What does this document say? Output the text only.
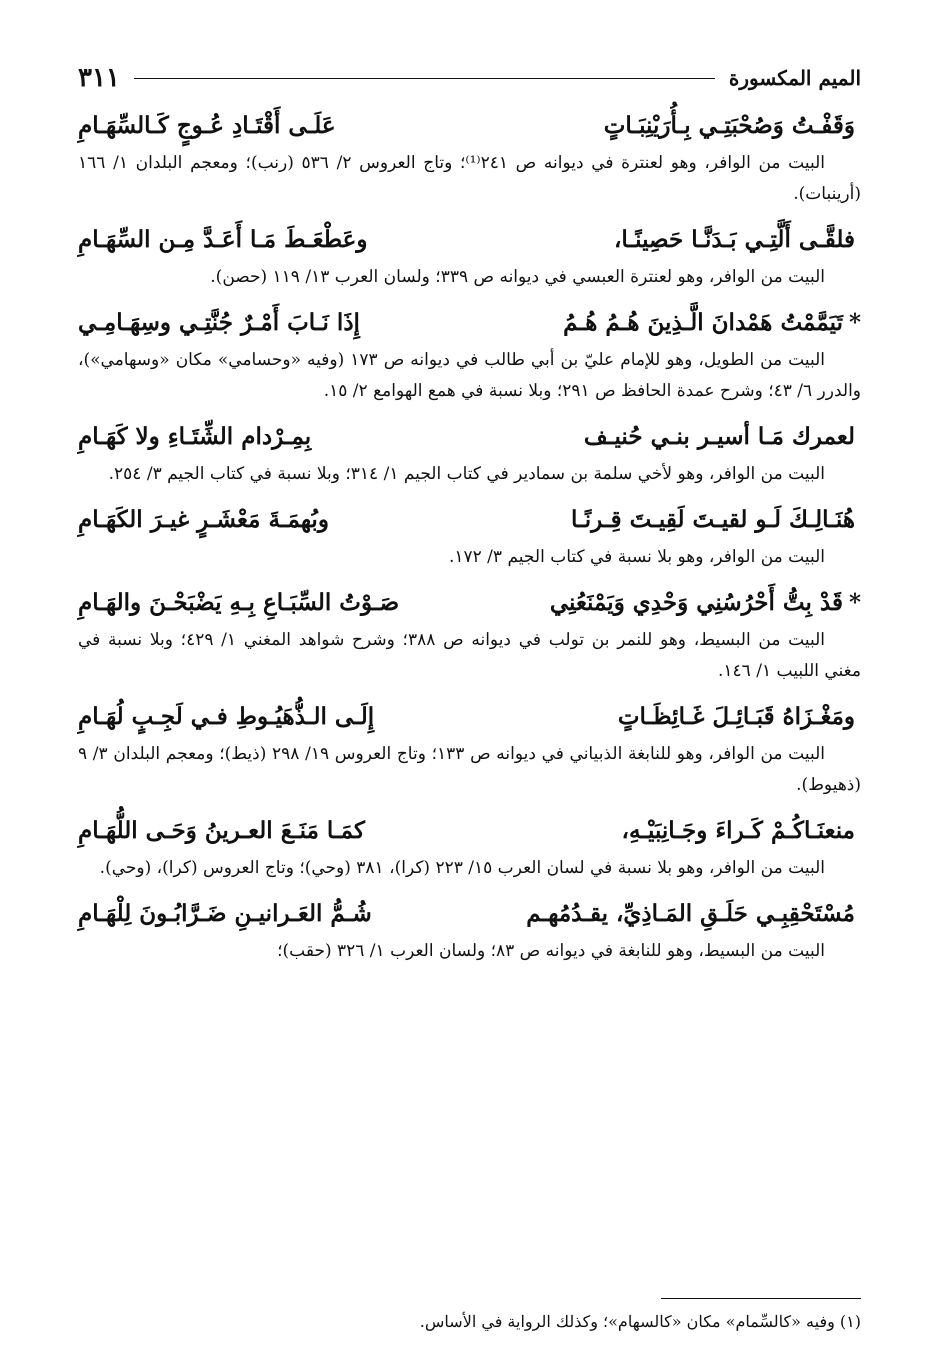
الميم المكسورة
٣١١
وَقَفْـتُ وَصُحْبَتِـي بِـأُرَيْنِبَـاتٍ
عَلَـى أَقْتَـادِ عُـوجٍ كَـالسِّهَـامِ

البيت من الوافر، وهو لعنترة في ديوانه ص ٢٤١⁽¹⁾؛ وتاج العروس ٢/ ٥٣٦ (رنب)؛ ومعجم البلدان ١/ ١٦٦ (أرينبات).

فلقَّـى أَلَّتِـي بَـدَنَّـا حَصِينًـا،
وعَطْعَـطَ مَـا أَعَـدَّ مِـن السِّهَـامِ

البيت من الوافر، وهو لعنترة العبسي في ديوانه ص ٣٣٩؛ ولسان العرب ١٣/ ١١٩ (حصن).

*تَيَمَّمْتُ هَمْدانَ الَّـذِينَ هُـمُ هُـمُ
إِذَا نَـابَ أَمْـرٌ جُنَّتِـي وسِهَـامِـي

البيت من الطويل، وهو للإمام عليّ بن أبي طالب في ديوانه ص ١٧٣ (وفيه «وحسامي» مكان «وسهامي»)، والدرر ٦/ ٤٣؛ وشرح عمدة الحافظ ص ٢٩١؛ وبلا نسبة في همع الهوامع ٢/ ١٥.

لعمرك مَـا أسيـر بنـي حُنيـف
بِمِـرْدام الشِّتَـاءِ ولا كَهَـامِ

البيت من الوافر، وهو لأخي سلمة بن سمادير في كتاب الجيم ١/ ٣١٤؛ وبلا نسبة في كتاب الجيم ٣/ ٢٥٤.

هُنَـالِـكَ لَـو لقيـتَ لَقِيـتَ قِـرنًـا
وبُهمَـةَ مَعْشَـرٍ غيـرَ الكَهَـامِ

البيت من الوافر، وهو بلا نسبة في كتاب الجيم ٣/ ١٧٢.

*قَدْ بِتُّ أَحْرُسُنِي وَحْدِي وَيَمْنَعُنِي
صَـوْتُ السِّبَـاعِ بِـهِ يَضْبَحْـنَ والهَـامِ

البيت من البسيط، وهو للنمر بن تولب في ديوانه ص ٣٨٨؛ وشرح شواهد المغني ١/ ٤٢٩؛ وبلا نسبة في مغني اللبيب ١/ ١٤٦.

ومَغْـزَاهُ قَبَـائِـلَ غَـائِظَـاتٍ
إِلَـى الـذُّهَيُـوطِ فـي لَجِـبٍ لُهَـامِ

البيت من الوافر، وهو للنابغة الذبياني في ديوانه ص ١٣٣؛ وتاج العروس ١٩/ ٢٩٨ (ذيط)؛ ومعجم البلدان ٣/ ٩ (ذهيوط).

منعنَـاكُـمْ كَـراءَ وجَـانِبَيْـهِ،
كمَـا مَنَـعَ العـرينُ وَحَـى اللُّهَـامِ

البيت من الوافر، وهو بلا نسبة في لسان العرب ١٥/ ٢٢٣ (كرا)، ٣٨١ (وحي)؛ وتاج العروس (كرا)، (وحي).

مُسْتَحْقِبِـي حَلَـقِ المَـاذِيِّ، يقـدُمُهـم
شُـمُّ العَـرانيـنِ ضَـرَّابُـونَ لِلْهَـامِ

البيت من البسيط، وهو للنابغة في ديوانه ص ٨٣؛ ولسان العرب ١/ ٣٢٦ (حقب)؛

(١) وفيه «كالسِّمام» مكان «كالسهام»؛ وكذلك الرواية في الأساس.
